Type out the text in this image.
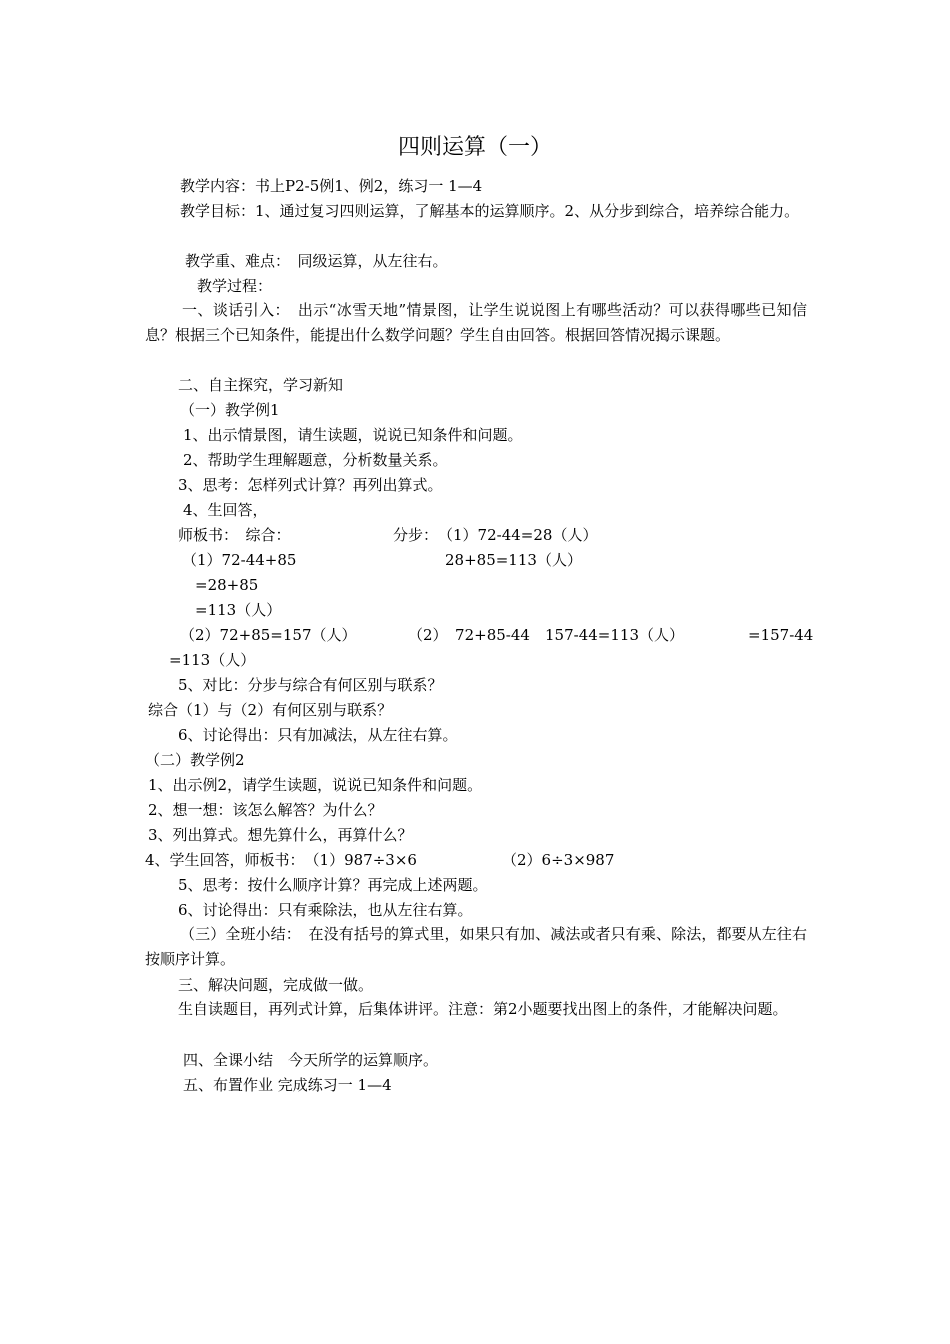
四则运算（一）
教学内容：书上P2-5例1、例2，练习一 1—4
教学目标：1、通过复习四则运算，了解基本的运算顺序。2、从分步到综合，培养综合能力。
教学重、难点：　同级运算，从左往右。
教学过程：
一、谈话引入：　出示“冰雪天地”情景图，让学生说说图上有哪些活动？可以获得哪些已知信息？根据三个已知条件，能提出什么数学问题？学生自由回答。根据回答情况揭示课题。
二、自主探究，学习新知
（一）教学例1
1、出示情景图，请生读题，说说已知条件和问题。
2、帮助学生理解题意，分析数量关系。
3、思考：怎样列式计算？再列出算式。
4、生回答，
师板书：　综合：	分步：　（1）72-44=28（人）
（1）72-44+85	28+85=113（人）
=28+85
=113（人）
（2）72+85=157（人）	（2）　72+85-44 157-44=113（人）	=157-44
=113（人）
5、对比：分步与综合有何区别与联系？
综合（1）与（2）有何区别与联系？
6、讨论得出：只有加减法，从左往右算。
（二）教学例2
1、出示例2，请学生读题，说说已知条件和问题。
2、想一想：该怎么解答？为什么？
3、列出算式。想先算什么，再算什么？
4、学生回答，师板书：　（1）987÷3×6	（2）6÷3×987
5、思考：按什么顺序计算？再完成上述两题。
6、讨论得出：只有乘除法，也从左往右算。
（三）全班小结：　在没有括号的算式里，如果只有加、减法或者只有乘、除法，都要从左往右按顺序计算。
三、解决问题，完成做一做。
生自读题目，再列式计算，后集体讲评。注意：第2小题要找出图上的条件，才能解决问题。
四、全课小结　今天所学的运算顺序。
五、布置作业 完成练习一 1—4
